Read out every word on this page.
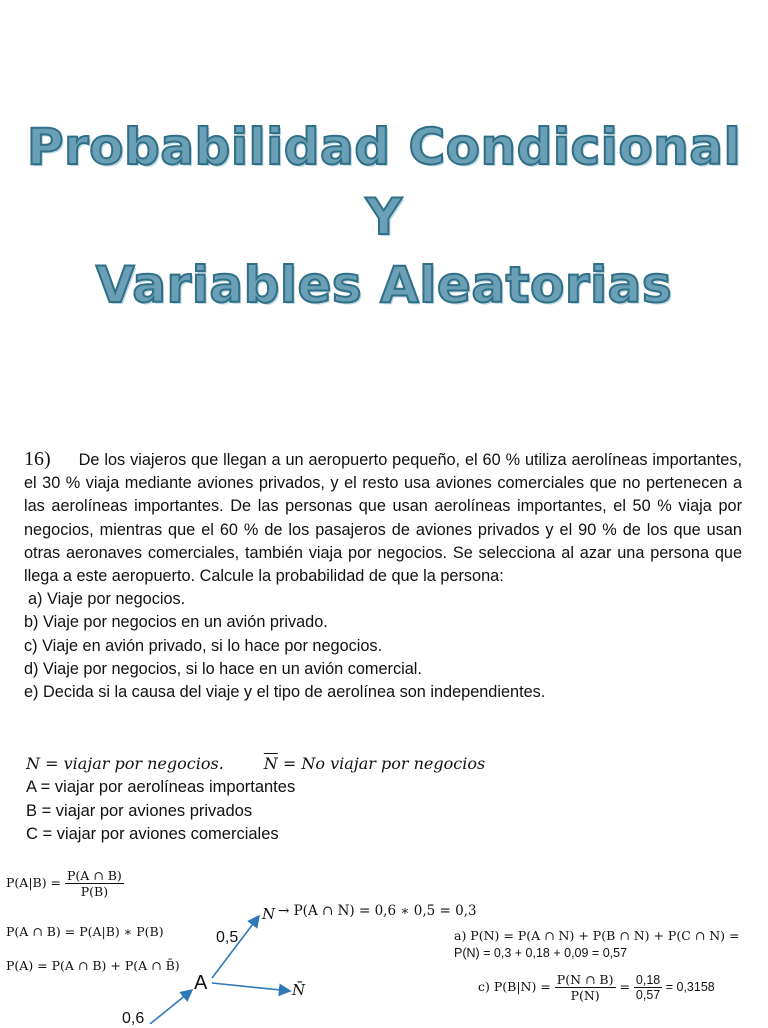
Probabilidad Condicional
Y
Variables Aleatorias
16) De los viajeros que llegan a un aeropuerto pequeño, el 60 % utiliza aerolíneas importantes, el 30 % viaja mediante aviones privados, y el resto usa aviones comerciales que no pertenecen a las aerolíneas importantes. De las personas que usan aerolíneas importantes, el 50 % viaja por negocios, mientras que el 60 % de los pasajeros de aviones privados y el 90 % de los que usan otras aeronaves comerciales, también viaja por negocios. Se selecciona al azar una persona que llega a este aeropuerto. Calcule la probabilidad de que la persona:
a) Viaje por negocios.
b) Viaje por negocios en un avión privado.
c) Viaje en avión privado, si lo hace por negocios.
d) Viaje por negocios, si lo hace en un avión comercial.
e) Decida si la causa del viaje y el tipo de aerolínea son independientes.
N = viajar por negocios.	$\overline{N} = No$ viajar por negocios
A = viajar por aerolíneas importantes
B = viajar por aviones privados
C = viajar por aviones comerciales
$P(A|B) = \frac{P(A \cap B)}{P(B)}$
P(A ∩ B) = P(A|B) ∗ P(B)
P(A) = P(A ∩ B) + P(A ∩ B̄)
N → P(A ∩ N) = 0,6 ∗ 0,5 = 0,3
0,5
A	N̄
0,6
a) P(N) = P(A ∩ N) + P(B ∩ N) + P(C ∩ N) =
P(N) = 0,3 + 0,18 + 0,09 = 0,57
c) $P(B|N) = \frac{P(N \cap B)}{P(N)} = \frac{0,18}{0,57} = 0,3158$
